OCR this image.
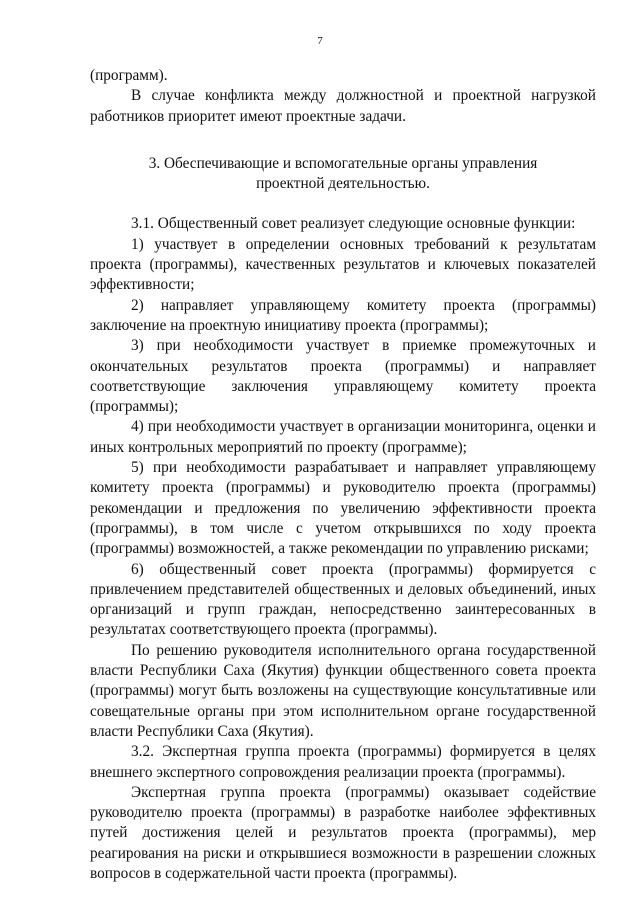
7

(программ).

В случае конфликта между должностной и проектной нагрузкой работников приоритет имеют проектные задачи.

3. Обеспечивающие и вспомогательные органы управления
проектной деятельностью.

3.1. Общественный совет реализует следующие основные функции:

1) участвует в определении основных требований к результатам проекта (программы), качественных результатов и ключевых показателей эффективности;

2) направляет управляющему комитету проекта (программы) заключение на проектную инициативу проекта (программы);

3) при необходимости участвует в приемке промежуточных и окончательных результатов проекта (программы) и направляет соответствующие заключения управляющему комитету проекта (программы);

4) при необходимости участвует в организации мониторинга, оценки и иных контрольных мероприятий по проекту (программе);

5) при необходимости разрабатывает и направляет управляющему комитету проекта (программы) и руководителю проекта (программы) рекомендации и предложения по увеличению эффективности проекта (программы), в том числе с учетом открывшихся по ходу проекта (программы) возможностей, а также рекомендации по управлению рисками;

6) общественный совет проекта (программы) формируется с привлечением представителей общественных и деловых объединений, иных организаций и групп граждан, непосредственно заинтересованных в результатах соответствующего проекта (программы).

По решению руководителя исполнительного органа государственной власти Республики Саха (Якутия) функции общественного совета проекта (программы) могут быть возложены на существующие консультативные или совещательные органы при этом исполнительном органе государственной власти Республики Саха (Якутия).

3.2. Экспертная группа проекта (программы) формируется в целях внешнего экспертного сопровождения реализации проекта (программы).

Экспертная группа проекта (программы) оказывает содействие руководителю проекта (программы) в разработке наиболее эффективных путей достижения целей и результатов проекта (программы), мер реагирования на риски и открывшиеся возможности в разрешении сложных вопросов в содержательной части проекта (программы).
